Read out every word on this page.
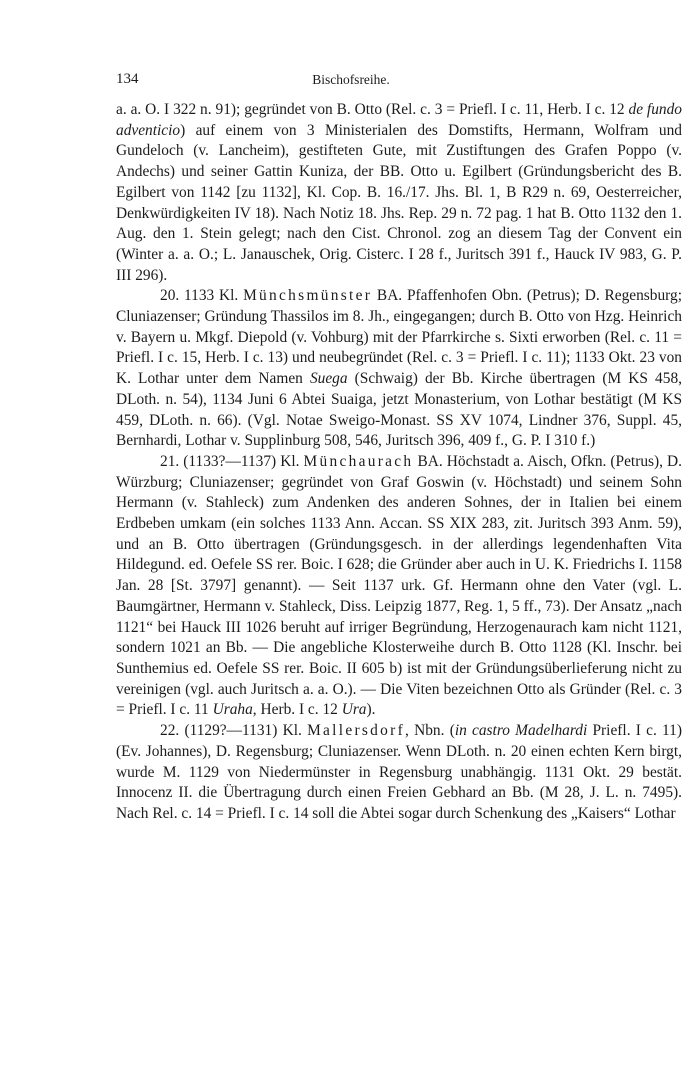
134	Bischofsreihe.

a. a. O. I 322 n. 91); gegründet von B. Otto (Rel. c. 3 = Priefl. I c. 11, Herb. I c. 12 de fundo adventicio) auf einem von 3 Ministerialen des Domstifts, Hermann, Wolfram und Gundeloch (v. Lancheim), gestifteten Gute, mit Zustiftungen des Grafen Poppo (v. Andechs) und seiner Gattin Kuniza, der BB. Otto u. Egilbert (Gründungsbericht des B. Egilbert von 1142 [zu 1132], Kl. Cop. B. 16./17. Jhs. Bl. 1, B R29 n. 69, Oesterreicher, Denkwürdigkeiten IV 18). Nach Notiz 18. Jhs. Rep. 29 n. 72 pag. 1 hat B. Otto 1132 den 1. Aug. den 1. Stein gelegt; nach den Cist. Chronol. zog an diesem Tag der Convent ein (Winter a. a. O.; L. Janauschek, Orig. Cisterc. I 28 f., Juritsch 391 f., Hauck IV 983, G. P. III 296).

20. 1133 Kl. Münchsmünster BA. Pfaffenhofen Obn. (Petrus); D. Regensburg; Cluniazenser; Gründung Thassilos im 8. Jh., eingegangen; durch B. Otto von Hzg. Heinrich v. Bayern u. Mkgf. Diepold (v. Vohburg) mit der Pfarrkirche s. Sixti erworben (Rel. c. 11 = Priefl. I c. 15, Herb. I c. 13) und neubegründet (Rel. c. 3 = Priefl. I c. 11); 1133 Okt. 23 von K. Lothar unter dem Namen Suega (Schwaig) der Bb. Kirche übertragen (M KS 458, DLoth. n. 54), 1134 Juni 6 Abtei Suaiga, jetzt Monasterium, von Lothar bestätigt (M KS 459, DLoth. n. 66). (Vgl. Notae Sweigo-Monast. SS XV 1074, Lindner 376, Suppl. 45, Bernhardi, Lothar v. Supplinburg 508, 546, Juritsch 396, 409 f., G. P. I 310 f.)

21. (1133?—1137) Kl. Münchaurach BA. Höchstadt a. Aisch, Ofkn. (Petrus), D. Würzburg; Cluniazenser; gegründet von Graf Goswin (v. Höchstadt) und seinem Sohn Hermann (v. Stahleck) zum Andenken des anderen Sohnes, der in Italien bei einem Erdbeben umkam (ein solches 1133 Ann. Accan. SS XIX 283, zit. Juritsch 393 Anm. 59), und an B. Otto übertragen (Gründungsgesch. in der allerdings legendenhaften Vita Hildegund. ed. Oefele SS rer. Boic. I 628; die Gründer aber auch in U. K. Friedrichs I. 1158 Jan. 28 [St. 3797] genannt). — Seit 1137 urk. Gf. Hermann ohne den Vater (vgl. L. Baumgärtner, Hermann v. Stahleck, Diss. Leipzig 1877, Reg. 1, 5 ff., 73). Der Ansatz „nach 1121“ bei Hauck III 1026 beruht auf irriger Begründung, Herzogenaurach kam nicht 1121, sondern 1021 an Bb. — Die angebliche Klosterweihe durch B. Otto 1128 (Kl. Inschr. bei Sunthemius ed. Oefele SS rer. Boic. II 605 b) ist mit der Gründungsüberlieferung nicht zu vereinigen (vgl. auch Juritsch a. a. O.). — Die Viten bezeichnen Otto als Gründer (Rel. c. 3 = Priefl. I c. 11 Uraha, Herb. I c. 12 Ura).

22. (1129?—1131) Kl. Mallersdorf, Nbn. (in castro Madelhardi Priefl. I c. 11) (Ev. Johannes), D. Regensburg; Cluniazenser. Wenn DLoth. n. 20 einen echten Kern birgt, wurde M. 1129 von Niedermünster in Regensburg unabhängig. 1131 Okt. 29 bestät. Innocenz II. die Übertragung durch einen Freien Gebhard an Bb. (M 28, J. L. n. 7495). Nach Rel. c. 14 = Priefl. I c. 14 soll die Abtei sogar durch Schenkung des „Kaisers“ Lothar
